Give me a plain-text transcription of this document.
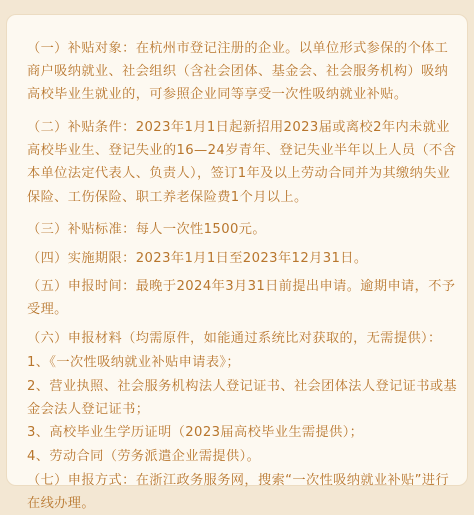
（一）补贴对象：在杭州市登记注册的企业。以单位形式参保的个体工商户吸纳就业、社会组织（含社会团体、基金会、社会服务机构）吸纳高校毕业生就业的，可参照企业同等享受一次性吸纳就业补贴。

（二）补贴条件：2023年1月1日起新招用2023届或离校2年内未就业高校毕业生、登记失业的16—24岁青年、登记失业半年以上人员（不含本单位法定代表人、负责人），签订1年及以上劳动合同并为其缴纳失业保险、工伤保险、职工养老保险费1个月以上。

（三）补贴标准：每人一次性1500元。

（四）实施期限：2023年1月1日至2023年12月31日。

（五）申报时间：最晚于2024年3月31日前提出申请。逾期申请，不予受理。

（六）申报材料（均需原件，如能通过系统比对获取的，无需提供）：

1、《一次性吸纳就业补贴申请表》；

2、营业执照、社会服务机构法人登记证书、社会团体法人登记证书或基金会法人登记证书；

3、高校毕业生学历证明（2023届高校毕业生需提供）；

4、劳动合同（劳务派遣企业需提供）。

（七）申报方式：在浙江政务服务网，搜索“一次性吸纳就业补贴”进行在线办理。
